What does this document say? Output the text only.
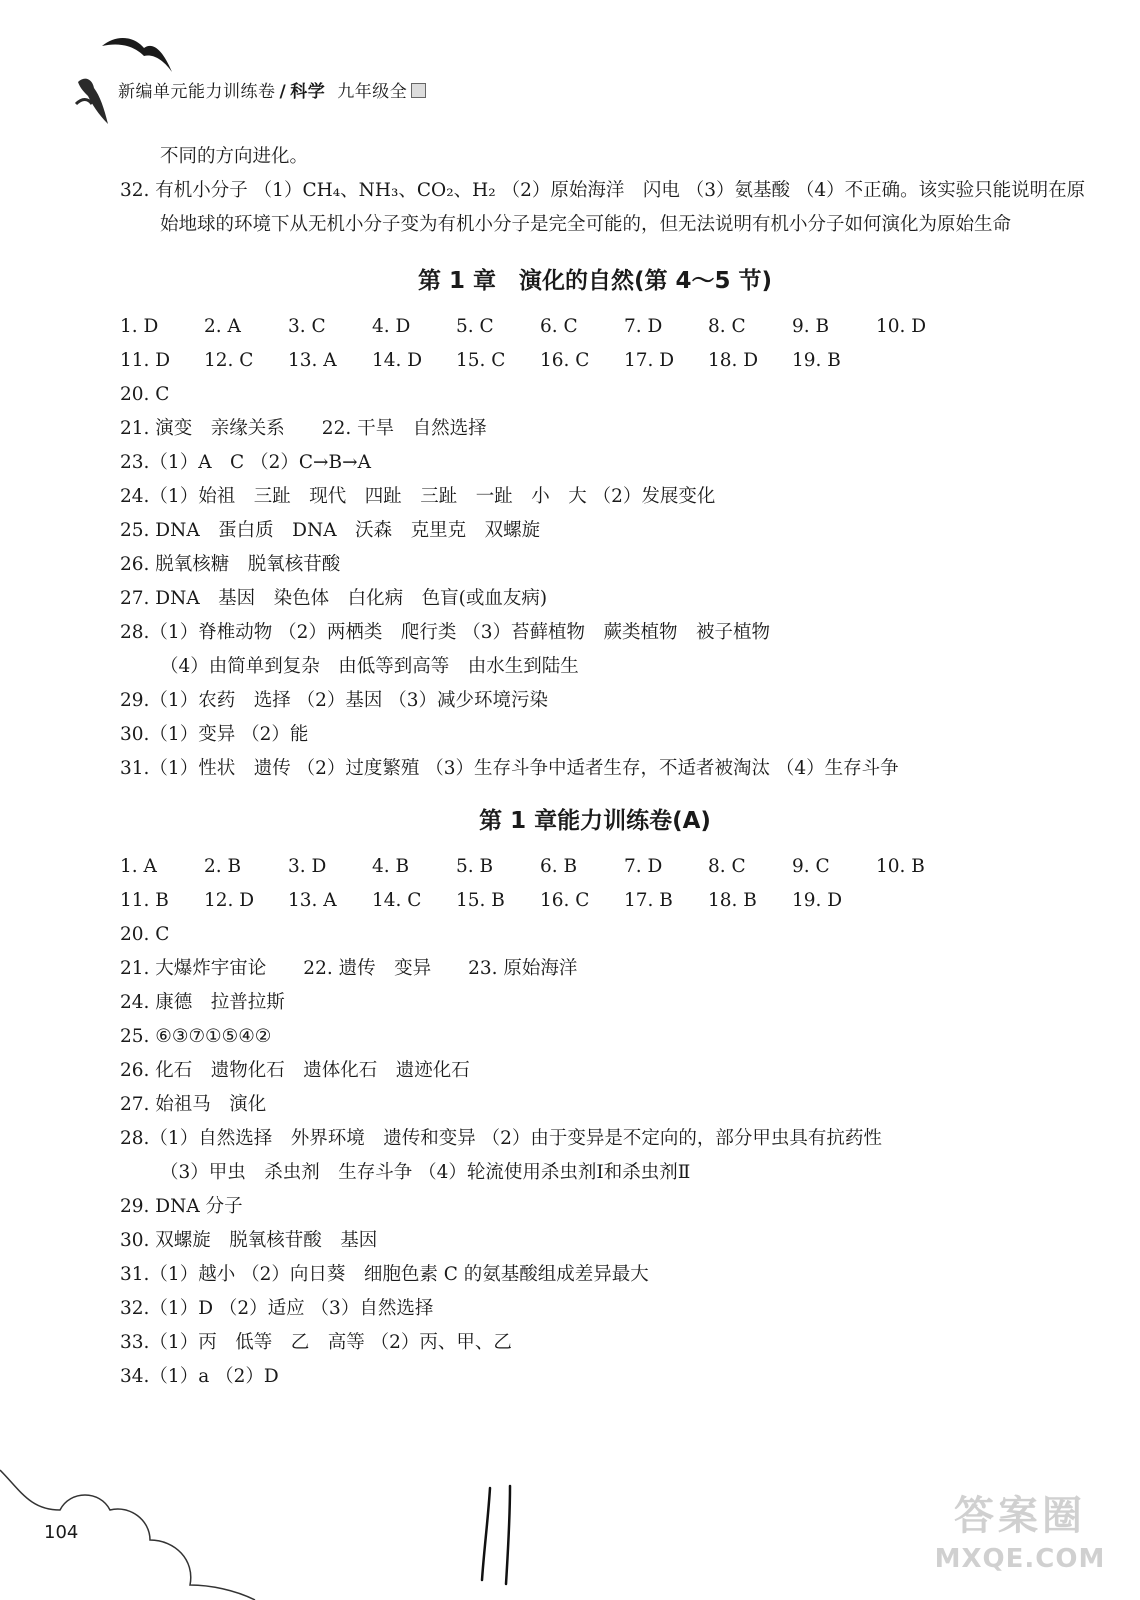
新编单元能力训练卷 / 科学 九年级全
不同的方向进化。
32. 有机小分子 （1）CH₄、NH₃、CO₂、H₂ （2）原始海洋　闪电 （3）氨基酸 （4）不正确。该实验只能说明在原始地球的环境下从无机小分子变为有机小分子是完全可能的，但无法说明有机小分子如何演化为原始生命
第 1 章　演化的自然(第 4～5 节)
1. D	2. A	3. C	4. D	5. C	6. C	7. D	8. C	9. B	10. D
11. D	12. C	13. A	14. D	15. C	16. C	17. D	18. D	19. B
20. C
21. 演变　亲缘关系　　22. 干旱　自然选择
23.（1）A　C （2）C→B→A
24.（1）始祖　三趾　现代　四趾　三趾　一趾　小　大 （2）发展变化
25. DNA　蛋白质　DNA　沃森　克里克　双螺旋
26. 脱氧核糖　脱氧核苷酸
27. DNA　基因　染色体　白化病　色盲(或血友病)
28.（1）脊椎动物 （2）两栖类　爬行类 （3）苔藓植物　蕨类植物　被子植物
（4）由简单到复杂　由低等到高等　由水生到陆生
29.（1）农药　选择 （2）基因 （3）减少环境污染
30.（1）变异 （2）能
31.（1）性状　遗传 （2）过度繁殖 （3）生存斗争中适者生存，不适者被淘汰 （4）生存斗争
第 1 章能力训练卷(A)
1. A	2. B	3. D	4. B	5. B	6. B	7. D	8. C	9. C	10. B
11. B	12. D	13. A	14. C	15. B	16. C	17. B	18. B	19. D
20. C
21. 大爆炸宇宙论　　22. 遗传　变异　　23. 原始海洋
24. 康德　拉普拉斯
25. ⑥③⑦①⑤④②
26. 化石　遗物化石　遗体化石　遗迹化石
27. 始祖马　演化
28.（1）自然选择　外界环境　遗传和变异 （2）由于变异是不定向的，部分甲虫具有抗药性
（3）甲虫　杀虫剂　生存斗争 （4）轮流使用杀虫剂Ⅰ和杀虫剂Ⅱ
29. DNA 分子
30. 双螺旋　脱氧核苷酸　基因
31.（1）越小 （2）向日葵　细胞色素 C 的氨基酸组成差异最大
32.（1）D （2）适应 （3）自然选择
33.（1）丙　低等　乙　高等 （2）丙、甲、乙
34.（1）a （2）D
104	答案圈
MXQE.COM
